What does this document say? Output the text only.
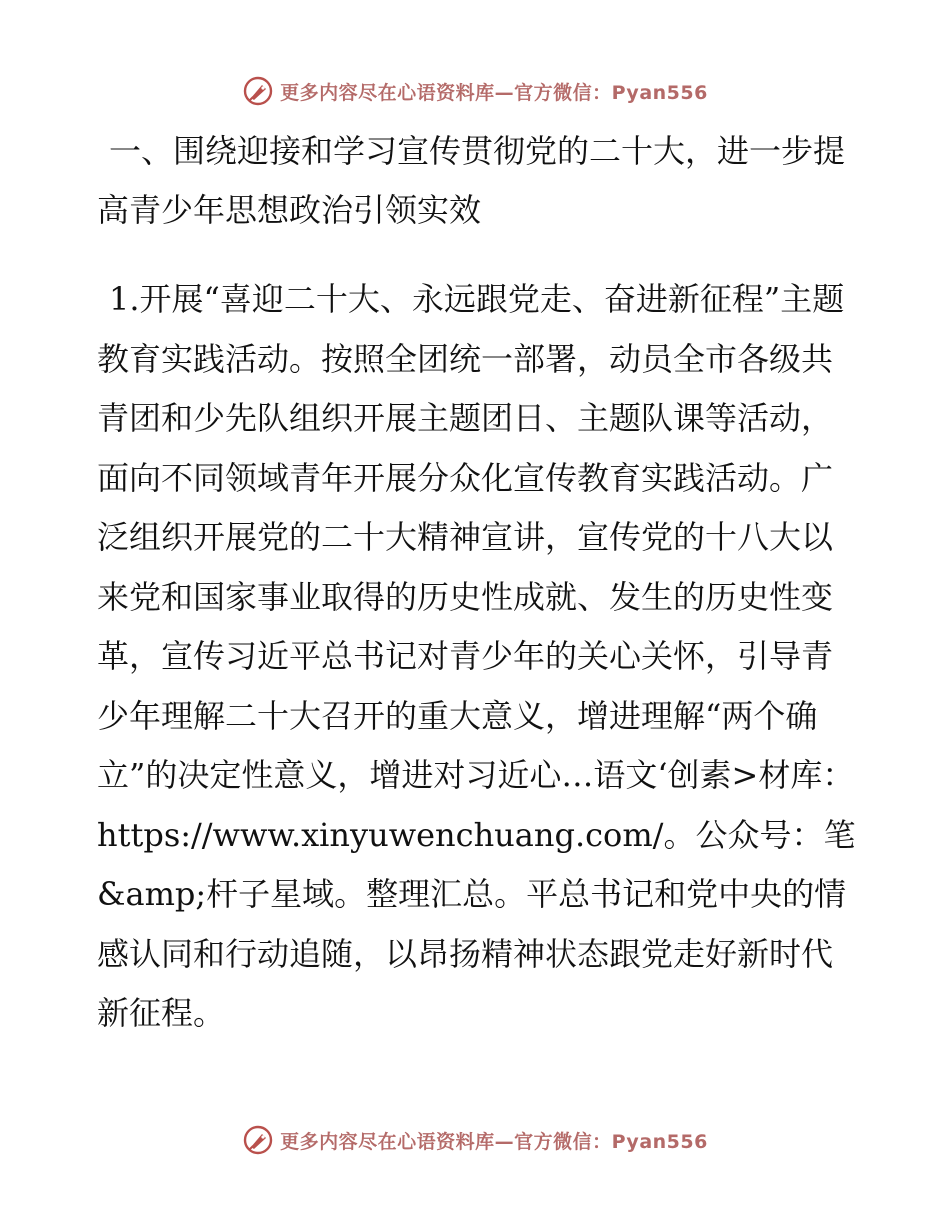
更多内容尽在心语资料库—官方微信：Pyan556

一、围绕迎接和学习宣传贯彻党的二十大，进一步提高青少年思想政治引领实效

1.开展“喜迎二十大、永远跟党走、奋进新征程”主题教育实践活动。按照全团统一部署，动员全市各级共青团和少先队组织开展主题团日、主题队课等活动，面向不同领域青年开展分众化宣传教育实践活动。广泛组织开展党的二十大精神宣讲，宣传党的十八大以来党和国家事业取得的历史性成就、发生的历史性变革，宣传习近平总书记对青少年的关心关怀，引导青少年理解二十大召开的重大意义，增进理解“两个确立”的决定性意义，增进对习近心…语文‘创素>材库：https://www.xinyuwenchuang.com/。公众号：笔&amp;杆子星域。整理汇总。平总书记和党中央的情感认同和行动追随，以昂扬精神状态跟党走好新时代新征程。

更多内容尽在心语资料库—官方微信：Pyan556
